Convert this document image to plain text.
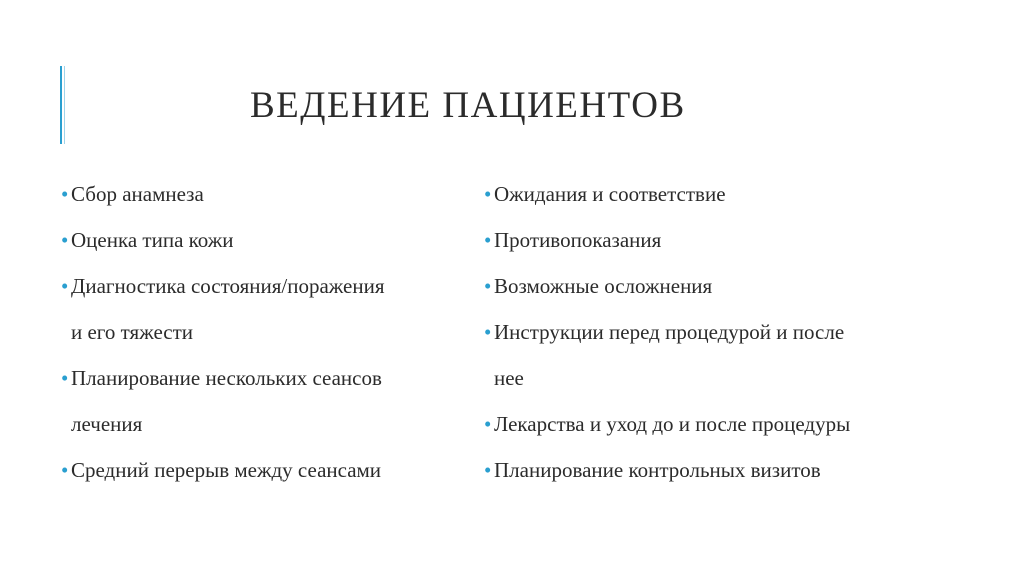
ВЕДЕНИЕ ПАЦИЕНТОВ
• Сбор анамнеза
• Оценка типа кожи
• Диагностика состояния/поражения
и его тяжести
• Планирование нескольких сеансов
лечения
• Средний перерыв между сеансами
• Ожидания и соответствие
• Противопоказания
• Возможные осложнения
• Инструкции перед процедурой и после
нее
• Лекарства и уход до и после процедуры
• Планирование контрольных визитов
